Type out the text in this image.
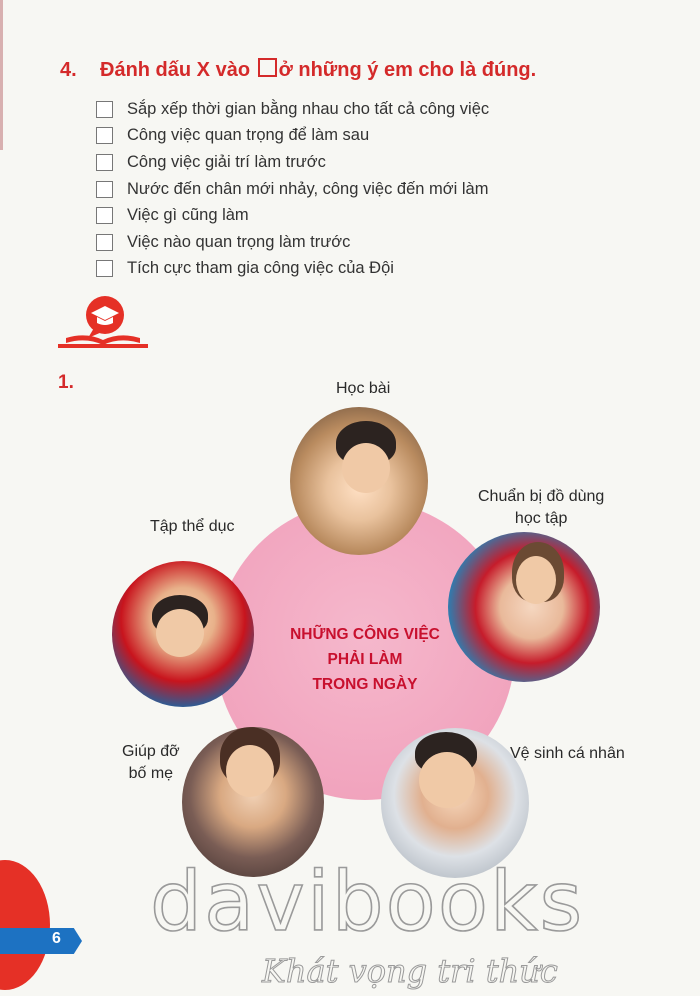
4. Đánh dấu X vào ở những ý em cho là đúng.
Sắp xếp thời gian bằng nhau cho tất cả công việc
Công việc quan trọng để làm sau
Công việc giải trí làm trước
Nước đến chân mới nhảy, công việc đến mới làm
Việc gì cũng làm
Việc nào quan trọng làm trước
Tích cực tham gia công việc của Đội
1.
NHỮNG CÔNG VIỆC
PHẢI LÀM
TRONG NGÀY
Học bài
Chuẩn bị đồ dùng
học tập
Tập thể dục
Giúp đỡ
bố mẹ
Vệ sinh cá nhân
6 davibooks
Khát vọng tri thức
